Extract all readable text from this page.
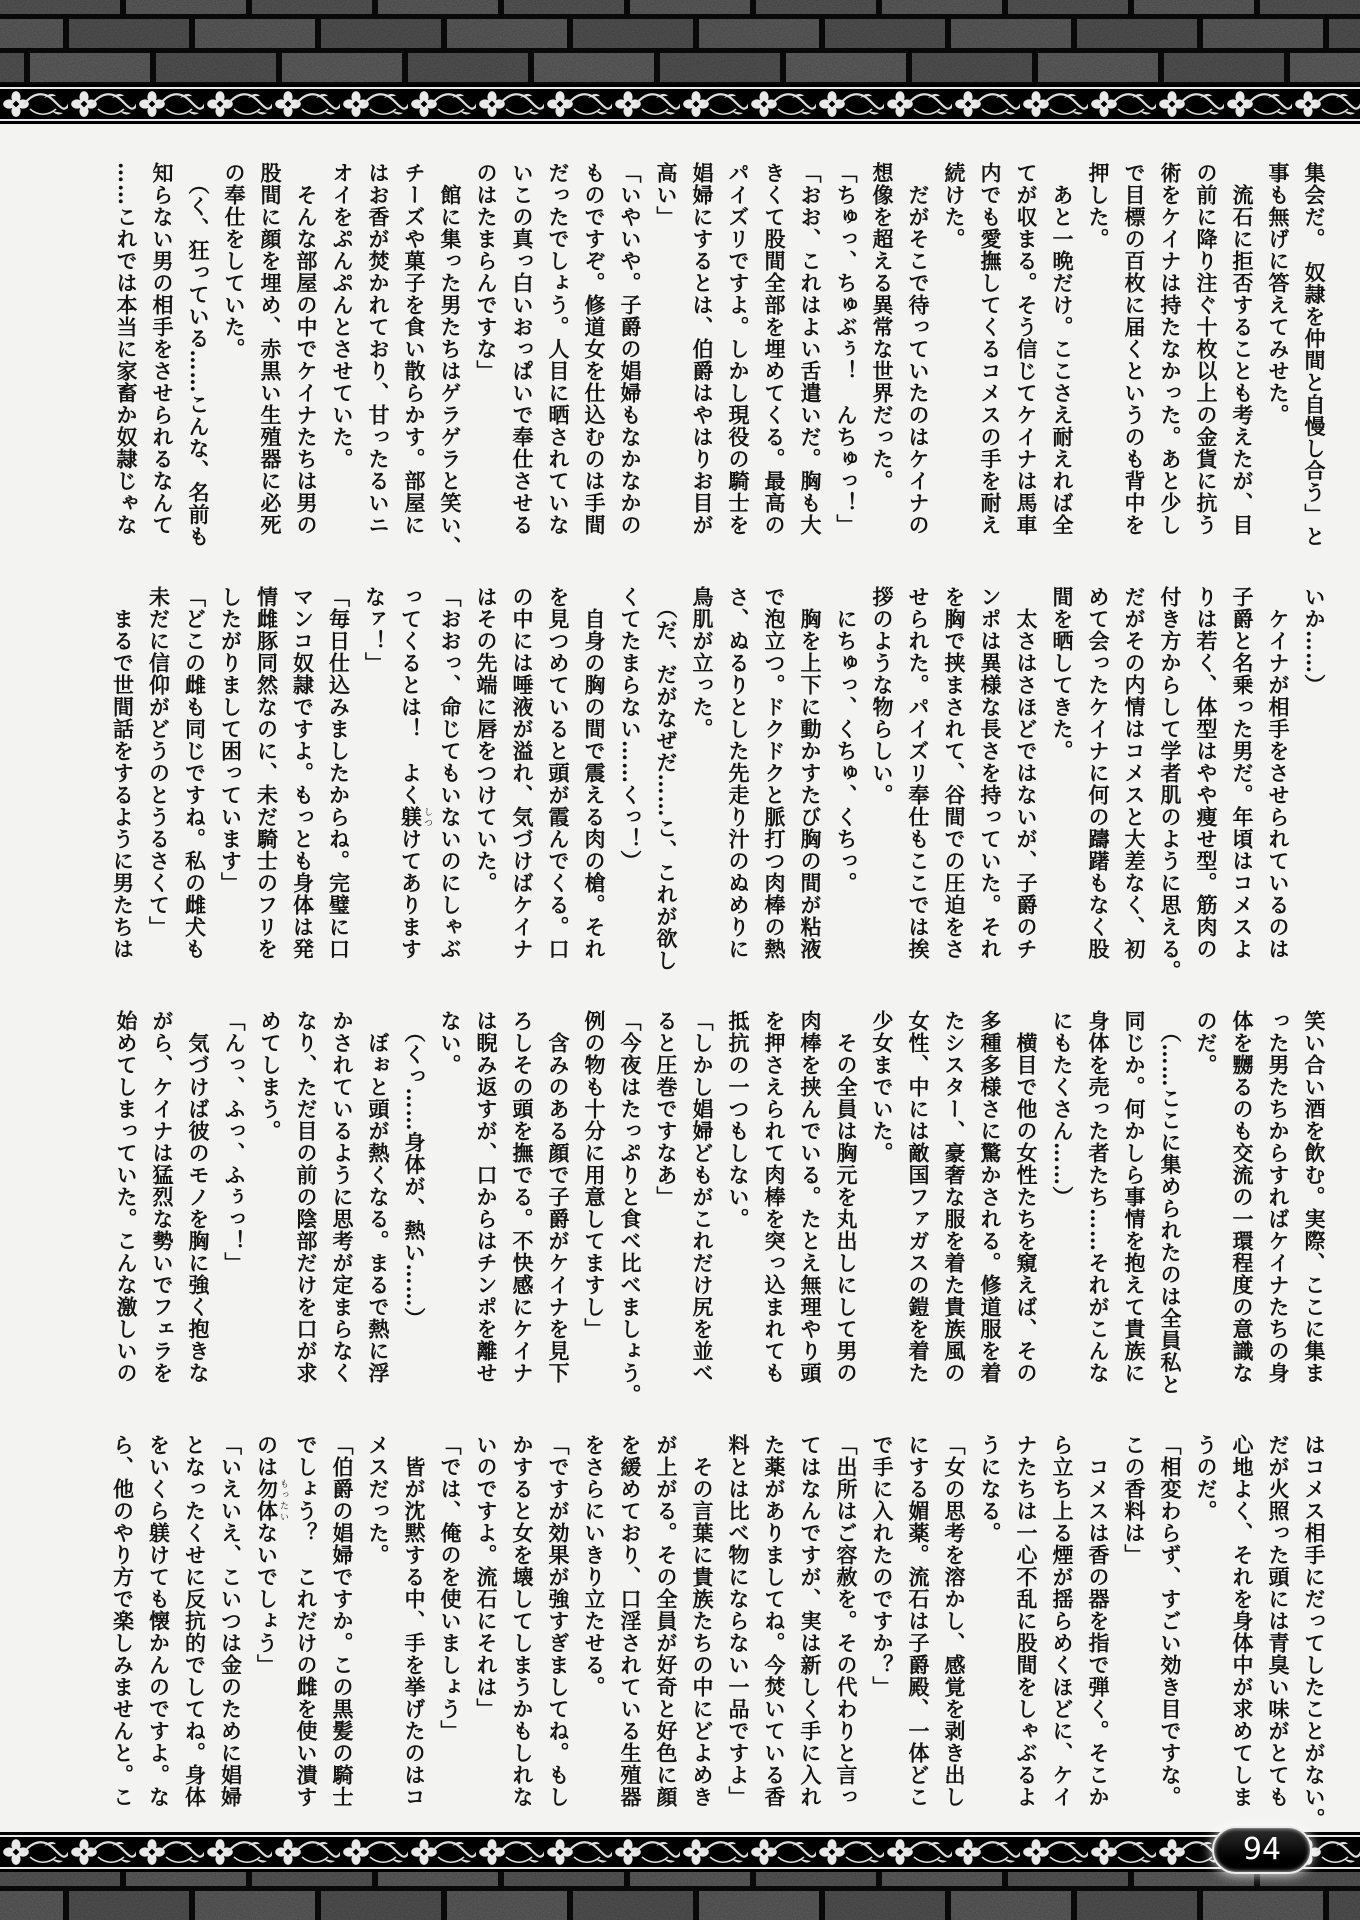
集会だ。　奴隷を仲間と自慢し合う」と

事も無げに答えてみせた。

　流石に拒否することも考えたが、目

の前に降り注ぐ十枚以上の金貨に抗う

術をケイナは持たなかった。あと少し

で目標の百枚に届くというのも背中を

押した。

　あと一晩だけ。ここさえ耐えれば全

てが収まる。そう信じてケイナは馬車

内でも愛撫してくるコメスの手を耐え

続けた。

　だがそこで待っていたのはケイナの

想像を超える異常な世界だった。

「ちゅっ、ちゅぶぅ！　んちゅっ！」

「おお、これはよい舌遣いだ。胸も大

きくて股間全部を埋めてくる。最高の

パイズリですよ。しかし現役の騎士を

娼婦にするとは、伯爵はやはりお目が

高い」

「いやいや。子爵の娼婦もなかなかの

ものですぞ。修道女を仕込むのは手間

だったでしょう。人目に晒されていな

いこの真っ白いおっぱいで奉仕させる

のはたまらんですな」

　館に集った男たちはゲラゲラと笑い、

チーズや菓子を食い散らかす。部屋に

はお香が焚かれており、甘ったるいニ

オイをぷんぷんとさせていた。

　そんな部屋の中でケイナたちは男の

股間に顔を埋め、赤黒い生殖器に必死

の奉仕をしていた。

　（く、狂っている……こんな、名前も

知らない男の相手をさせられるなんて

……これでは本当に家畜か奴隷じゃな

いか……）

　ケイナが相手をさせられているのは

子爵と名乗った男だ。年頃はコメスよ

りは若く、体型はやや痩せ型。筋肉の

付き方からして学者肌のように思える。

だがその内情はコメスと大差なく、初

めて会ったケイナに何の躊躇もなく股

間を晒してきた。

　太さはさほどではないが、子爵のチ

ンポは異様な長さを持っていた。それ

を胸で挟まされて、谷間での圧迫をさ

せられた。パイズリ奉仕もここでは挨

拶のような物らしい。

　にちゅっ、くちゅ、くちっ。

　胸を上下に動かすたび胸の間が粘液

で泡立つ。ドクドクと脈打つ肉棒の熱

さ、ぬるりとした先走り汁のぬめりに

鳥肌が立った。

　（だ、だがなぜだ……こ、これが欲し

くてたまらない……くっ！）

　自身の胸の間で震える肉の槍。それ

を見つめていると頭が霞んでくる。口

の中には唾液が溢れ、気づけばケイナ

はその先端に唇をつけていた。

「おおっ、命じてもいないのにしゃぶ

ってくるとは！　よく躾しつけてあります

なァ！」

「毎日仕込みましたからね。完璧に口

マンコ奴隷ですよ。もっとも身体は発

情雌豚同然なのに、未だ騎士のフリを

したがりまして困っています」

「どこの雌も同じですね。私の雌犬も

未だに信仰がどうのとうるさくて」

　まるで世間話をするように男たちは

笑い合い酒を飲む。実際、ここに集ま

った男たちからすればケイナたちの身

体を嬲るのも交流の一環程度の意識な

のだ。

　（……ここに集められたのは全員私と

同じか。何かしら事情を抱えて貴族に

身体を売った者たち……それがこんな

にもたくさん……）

　横目で他の女性たちを窺えば、その

多種多様さに驚かされる。修道服を着

たシスター、豪奢な服を着た貴族風の

女性、中には敵国ファガスの鎧を着た

少女までいた。

　その全員は胸元を丸出しにして男の

肉棒を挟んでいる。たとえ無理やり頭

を押さえられて肉棒を突っ込まれても

抵抗の一つもしない。

「しかし娼婦どもがこれだけ尻を並べ

ると圧巻ですなあ」

「今夜はたっぷりと食べ比べましょう。

例の物も十分に用意してますし」

　含みのある顔で子爵がケイナを見下

ろしその頭を撫でる。不快感にケイナ

は睨み返すが、口からはチンポを離せ

ない。

　（くっ……身体が、熱い……）

　ぼぉと頭が熱くなる。まるで熱に浮

かされているように思考が定まらなく

なり、ただ目の前の陰部だけを口が求

めてしまう。

「んっ、ふっ、ふぅっ！」

　気づけば彼のモノを胸に強く抱きな

がら、ケイナは猛烈な勢いでフェラを

始めてしまっていた。こんな激しいの

はコメス相手にだってしたことがない。

だが火照った頭には青臭い味がとても

心地よく、それを身体中が求めてしま

うのだ。

「相変わらず、すごい効き目ですな。

この香料は」

　コメスは香の器を指で弾く。そこか

ら立ち上る煙が揺らめくほどに、ケイ

ナたちは一心不乱に股間をしゃぶるよ

うになる。

「女の思考を溶かし、感覚を剥き出し

にする媚薬。流石は子爵殿、一体どこ

で手に入れたのですか？」

「出所はご容赦を。その代わりと言っ

てはなんですが、実は新しく手に入れ

た薬がありましてね。今焚いている香

料とは比べ物にならない一品ですよ」

　その言葉に貴族たちの中にどよめき

が上がる。その全員が好奇と好色に顔

を緩めており、口淫されている生殖器

をさらにいきり立たせる。

「ですが効果が強すぎましてね。もし

かすると女を壊してしまうかもしれな

いのですよ。流石にそれは」

「では、俺のを使いましょう」

　皆が沈黙する中、手を挙げたのはコ

メスだった。

「伯爵の娼婦ですか。この黒髪の騎士

でしょう？　これだけの雌を使い潰す

のは勿体もったいないでしょう」

「いえいえ、こいつは金のために娼婦

となったくせに反抗的でしてね。身体

をいくら躾けても懐かんのですよ。な

ら、他のやり方で楽しみませんと。こ

94
